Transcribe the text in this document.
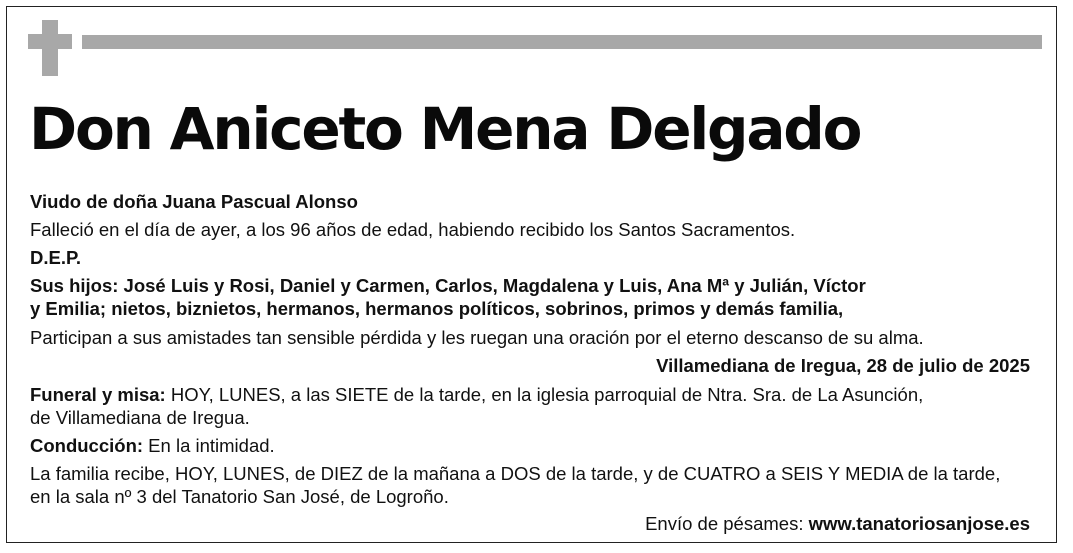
Don Aniceto Mena Delgado
Viudo de doña Juana Pascual Alonso
Falleció en el día de ayer, a los 96 años de edad, habiendo recibido los Santos Sacramentos.
D.E.P.
Sus hijos: José Luis y Rosi, Daniel y Carmen, Carlos, Magdalena y Luis, Ana Mª y Julián, Víctor
y Emilia; nietos, biznietos, hermanos, hermanos políticos, sobrinos, primos y demás familia,
Participan a sus amistades tan sensible pérdida y les ruegan una oración por el eterno descanso de su alma.
Villamediana de Iregua, 28 de julio de 2025
Funeral y misa: HOY, LUNES, a las SIETE de la tarde, en la iglesia parroquial de Ntra. Sra. de La Asunción,
de Villamediana de Iregua.
Conducción: En la intimidad.
La familia recibe, HOY, LUNES, de DIEZ de la mañana a DOS de la tarde, y de CUATRO a SEIS Y MEDIA de la tarde,
en la sala nº 3 del Tanatorio San José, de Logroño.
Envío de pésames: www.tanatoriosanjose.es
